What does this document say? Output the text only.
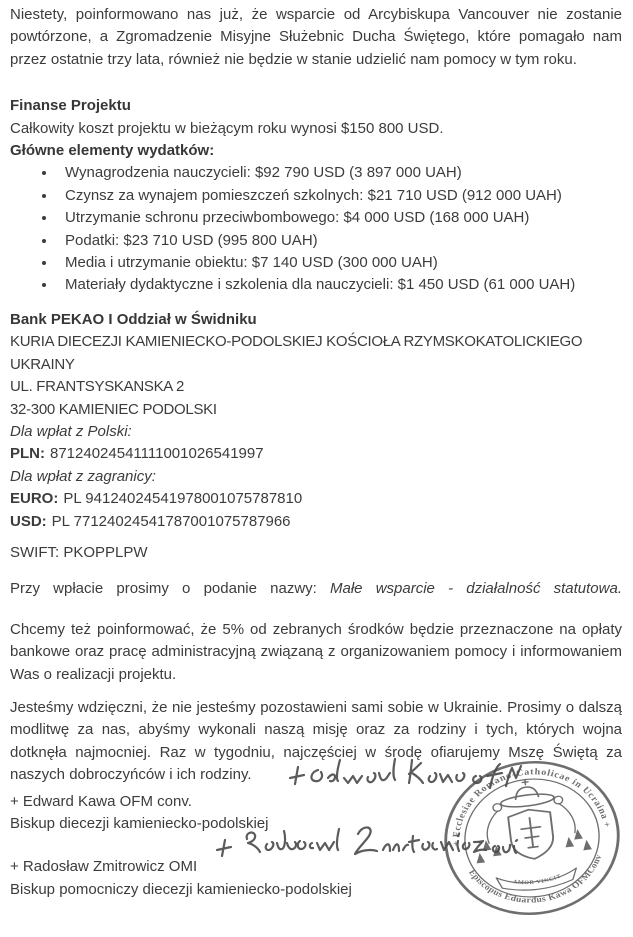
Niestety, poinformowano nas już, że wsparcie od Arcybiskupa Vancouver nie zostanie powtórzone, a Zgromadzenie Misyjne Służebnic Ducha Świętego, które pomagało nam przez ostatnie trzy lata, również nie będzie w stanie udzielić nam pomocy w tym roku.

Finanse Projektu

Całkowity koszt projektu w bieżącym roku wynosi $150 800 USD.

Główne elementy wydatków:
• Wynagrodzenia nauczycieli: $92 790 USD (3 897 000 UAH)
• Czynsz za wynajem pomieszczeń szkolnych: $21 710 USD (912 000 UAH)
• Utrzymanie schronu przeciwbombowego: $4 000 USD (168 000 UAH)
• Podatki: $23 710 USD (995 800 UAH)
• Media i utrzymanie obiektu: $7 140 USD (300 000 UAH)
• Materiały dydaktyczne i szkolenia dla nauczycieli: $1 450 USD (61 000 UAH)
Bank PEKAO I Oddział w Świdniku

KURIA DIECEZJI KAMIENIECKO-PODOLSKIEJ KOŚCIOŁA RZYMSKOKATOLICKIEGO UKRAINY

UL. FRANTSYSKANSKA 2

32-300 KAMIENIEC PODOLSKI

Dla wpłat z Polski:

PLN: 87124024541111001026541997

Dla wpłat z zagranicy:

EURO: PL 94124024541978001075787810

USD: PL 77124024541787001075787966

SWIFT: PKOPPLPW

Przy wpłacie prosimy o podanie nazwy: Małe wsparcie - działalność statutowa.

Chcemy też poinformować, że 5% od zebranych środków będzie przeznaczone na opłaty bankowe oraz pracę administracyjną związaną z organizowaniem pomocy i informowaniem Was o realizacji projektu.

Jesteśmy wdzięczni, że nie jesteśmy pozostawieni sami sobie w Ukrainie. Prosimy o dalszą modlitwę za nas, abyśmy wykonali naszą misję oraz za rodziny i tych, których wojna dotknęła najmocniej. Raz w tygodniu, najczęściej w środę ofiarujemy Mszę Świętą za naszych dobroczyńców i ich rodziny.

+ Edward Kawa OFM conv.

Biskup diecezji kamieniecko-podolskiej

+ Radosław Zmitrowicz OMI

Biskup pomocniczy diecezji kamieniecko-podolskiej

+ Ecclesiae Romano-Catholicae in Ucraina +
Episcopus Eduardus Kawa OFMConv
AMOR VINCIT
